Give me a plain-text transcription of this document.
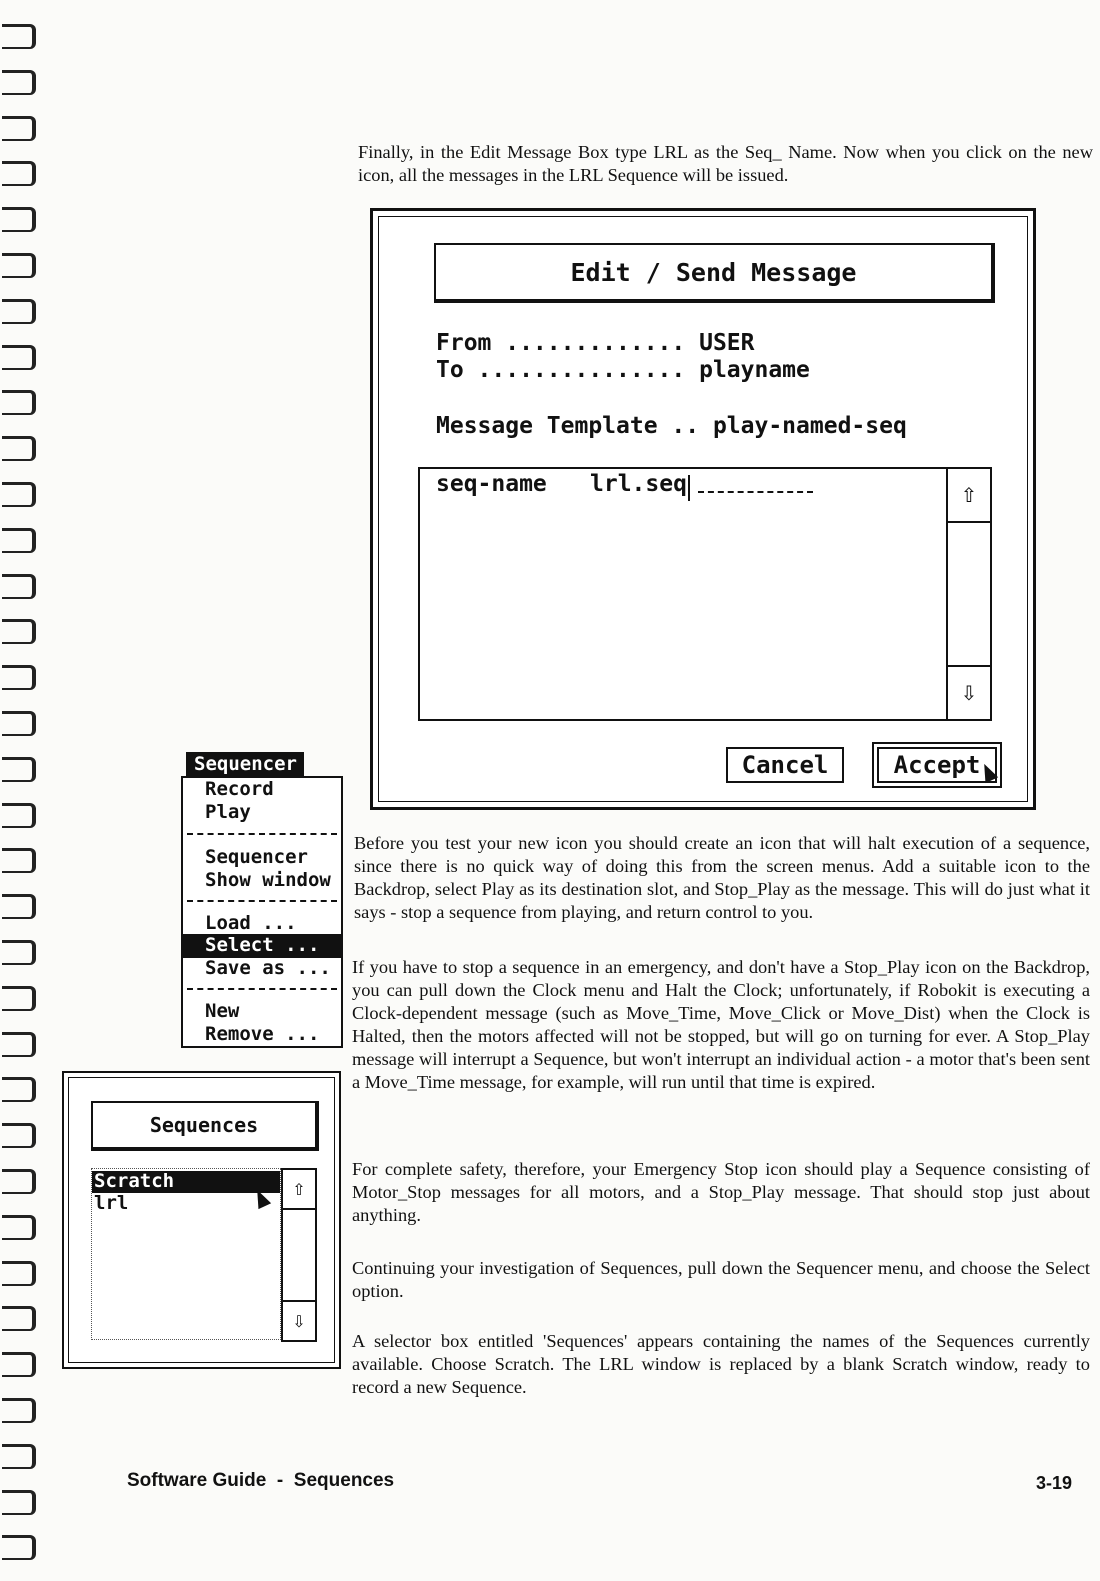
Finally, in the Edit Message Box type LRL as the Seq_ Name. Now when you click on the new icon, all the messages in the LRL Sequence will be issued.

Edit / Send Message
From ............. USER
To ............... playname
Message Template .. play-named-seq
seq-name lrl.seq	⇧
⇩
Cancel	Accept
Sequencer
Record
Play
Sequencer
Show window
Load ...
Select ...
Save as ...
New
Remove ...
Sequences
Scratch
lrl
⇧
⇩

Before you test your new icon you should create an icon that will halt execution of a sequence, since there is no quick way of doing this from the screen menus. Add a suitable icon to the Backdrop, select Play as its destination slot, and Stop_Play as the message. This will do just what it says - stop a sequence from playing, and return control to you.

If you have to stop a sequence in an emergency, and don't have a Stop_Play icon on the Backdrop, you can pull down the Clock menu and Halt the Clock; unfortunately, if Robokit is executing a Clock-dependent message (such as Move_Time, Move_Click or Move_Dist) when the Clock is Halted, then the motors affected will not be stopped, but will go on turning for ever. A Stop_Play message will interrupt a Sequence, but won't interrupt an individual action - a motor that's been sent a Move_Time message, for example, will run until that time is expired.

For complete safety, therefore, your Emergency Stop icon should play a Sequence consisting of Motor_Stop messages for all motors, and a Stop_Play message. That should stop just about anything.

Continuing your investigation of Sequences, pull down the Sequencer menu, and choose the Select option.

A selector box entitled 'Sequences' appears containing the names of the Sequences currently available. Choose Scratch. The LRL window is replaced by a blank Scratch window, ready to record a new Sequence.

Software Guide  -  Sequences	3-19
